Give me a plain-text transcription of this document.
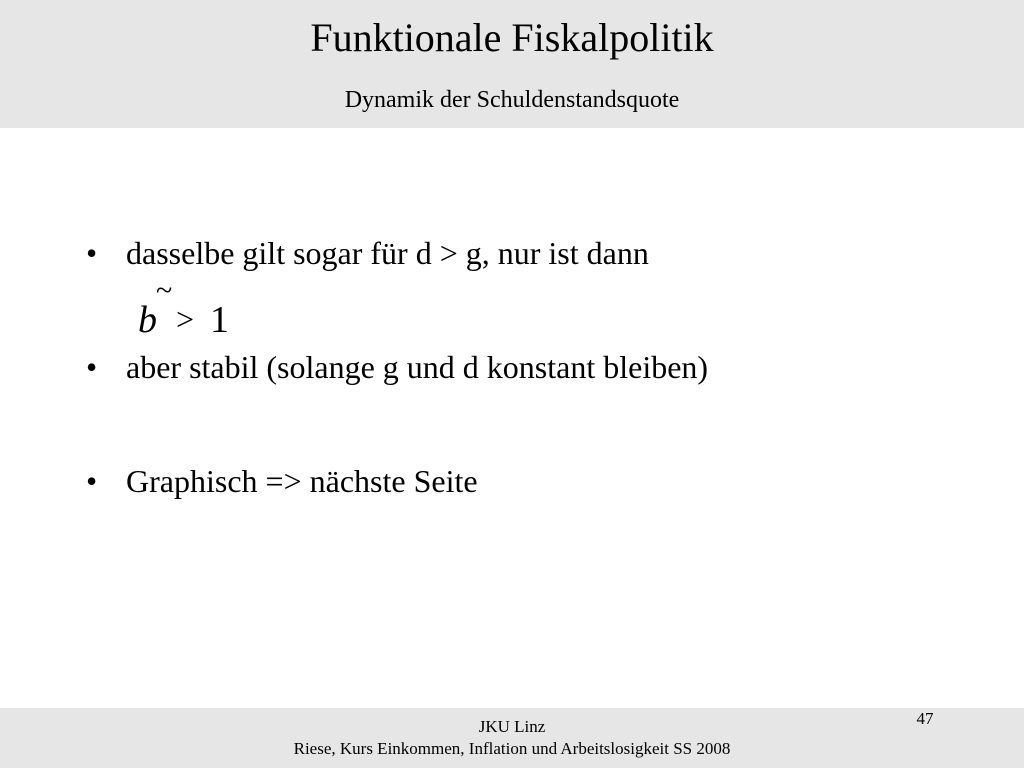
Funktionale Fiskalpolitik
Dynamik der Schuldenstandsquote
• dasselbe gilt sogar für d > g, nur ist dann
~
b > 1
• aber stabil (solange g und d konstant bleiben)
• Graphisch => nächste Seite
JKU Linz
Riese, Kurs Einkommen, Inflation und Arbeitslosigkeit SS 2008
47
